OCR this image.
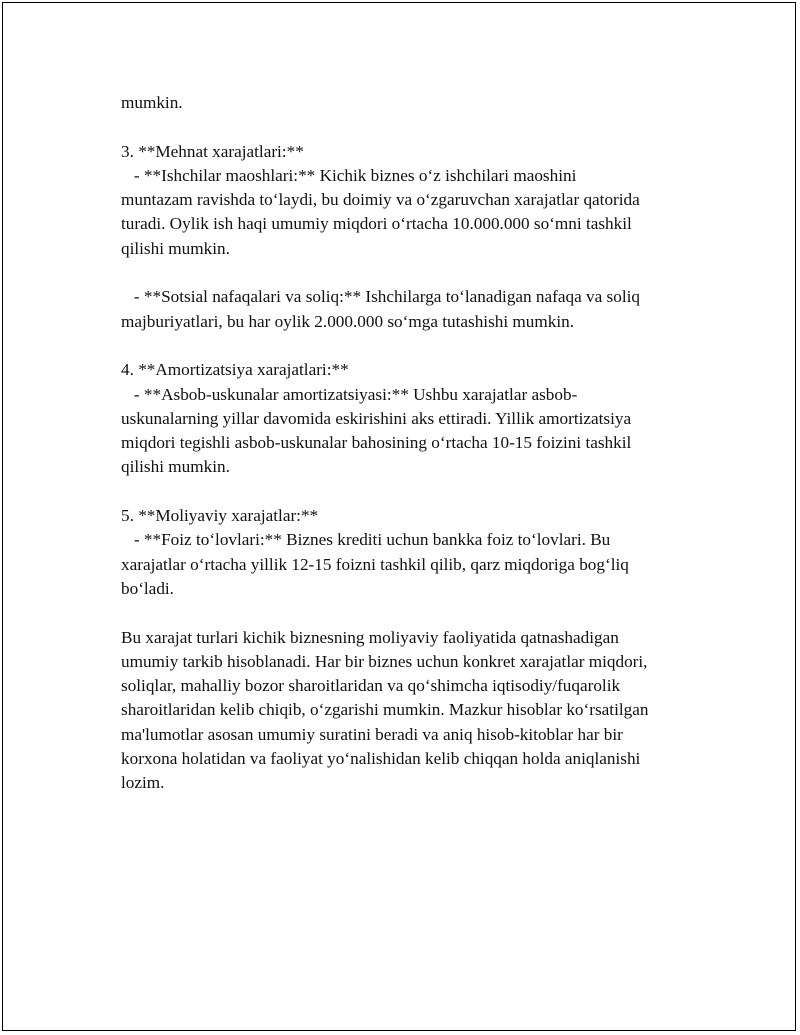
mumkin.
3. **Mehnat xarajatlari:**
- **Ishchilar maoshlari:** Kichik biznes o‘z ishchilari maoshini
muntazam ravishda to‘laydi, bu doimiy va o‘zgaruvchan xarajatlar qatorida
turadi. Oylik ish haqi umumiy miqdori o‘rtacha 10.000.000 so‘mni tashkil
qilishi mumkin.
- **Sotsial nafaqalari va soliq:** Ishchilarga to‘lanadigan nafaqa va soliq
majburiyatlari, bu har oylik 2.000.000 so‘mga tutashishi mumkin.
4. **Amortizatsiya xarajatlari:**
- **Asbob-uskunalar amortizatsiyasi:** Ushbu xarajatlar asbob-
uskunalarning yillar davomida eskirishini aks ettiradi. Yillik amortizatsiya
miqdori tegishli asbob-uskunalar bahosining o‘rtacha 10-15 foizini tashkil
qilishi mumkin.
5. **Moliyaviy xarajatlar:**
- **Foiz to‘lovlari:** Biznes krediti uchun bankka foiz to‘lovlari. Bu
xarajatlar o‘rtacha yillik 12-15 foizni tashkil qilib, qarz miqdoriga bog‘liq
bo‘ladi.
Bu xarajat turlari kichik biznesning moliyaviy faoliyatida qatnashadigan
umumiy tarkib hisoblanadi. Har bir biznes uchun konkret xarajatlar miqdori,
soliqlar, mahalliy bozor sharoitlaridan va qo‘shimcha iqtisodiy/fuqarolik
sharoitlaridan kelib chiqib, o‘zgarishi mumkin. Mazkur hisoblar ko‘rsatilgan
ma'lumotlar asosan umumiy suratini beradi va aniq hisob-kitoblar har bir
korxona holatidan va faoliyat yo‘nalishidan kelib chiqqan holda aniqlanishi
lozim.
